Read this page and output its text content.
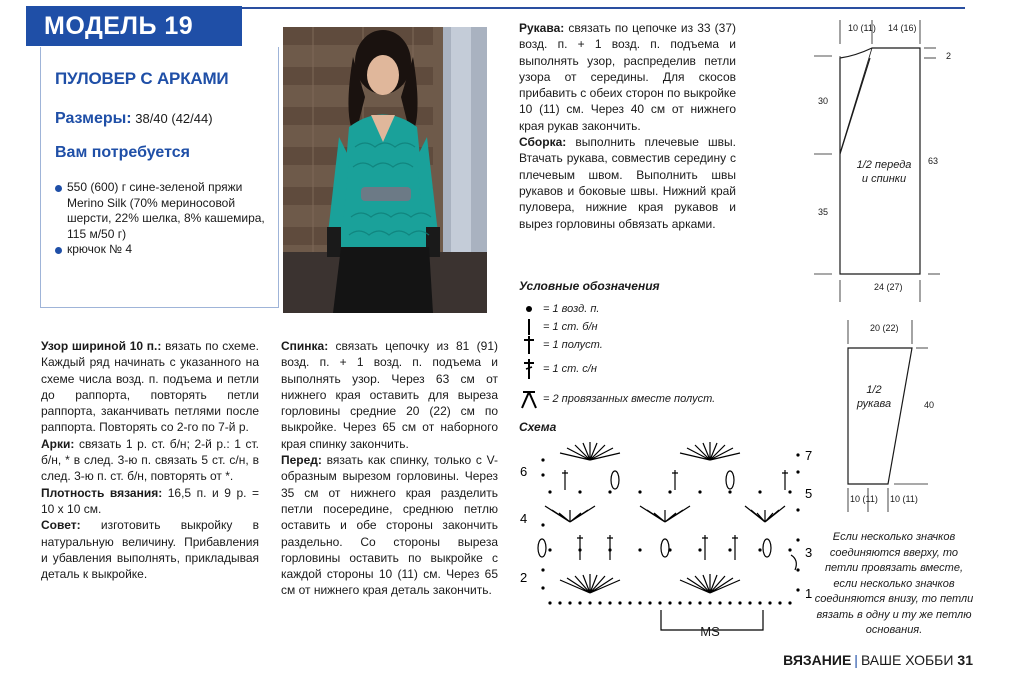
МОДЕЛЬ 19
ПУЛОВЕР С АРКАМИ
Размеры: 38/40 (42/44)
Вам потребуется
550 (600) г сине-зеленой пряжи Merino Silk (70% мериносовой шерсти, 22% шелка, 8% кашемира, 115 м/50 г)
крючок № 4

Узор шириной 10 п.: вязать по схеме. Каждый ряд начинать с указанного на схеме числа возд. п. подъема и петли до раппорта, повторять петли раппорта, заканчивать петлями после раппорта. Повторять со 2-го по 7-й р.

Арки: связать 1 р. ст. б/н; 2-й р.: 1 ст. б/н, * в след. 3-ю п. связать 5 ст. с/н, в след. 3-ю п. ст. б/н, повторять от *.

Плотность вязания: 16,5 п. и 9 р. = 10 x 10 см.

Совет: изготовить выкройку в натуральную величину. Прибавления и убавления выполнять, прикладывая деталь к выкройке.

Спинка: связать цепочку из 81 (91) возд. п. + 1 возд. п. подъема и выполнять узор. Через 63 см от нижнего края оставить для выреза горловины средние 20 (22) см по выкройке. Через 65 см от наборного края спинку закончить.

Перед: вязать как спинку, только с V-образным вырезом горловины. Через 35 см от нижнего края разделить петли посередине, среднюю петлю оставить и обе стороны закончить раздельно. Со стороны выреза горловины оставить по выкройке с каждой стороны 10 (11) см. Через 65 см от нижнего края деталь закончить.

Рукава: связать по цепочке из 33 (37) возд. п. + 1 возд. п. подъема и выполнять узор, распределив петли узора от середины. Для скосов прибавить с обеих сторон по выкройке 10 (11) см. Через 40 см от нижнего края рукав закончить.

Сборка: выполнить плечевые швы. Втачать рукава, совместив середину с плечевым швом. Выполнить швы рукавов и боковые швы. Нижний край пуловера, нижние края рукавов и вырез горловины обвязать арками.

Условные обозначения
= 1 возд. п.
= 1 ст. б/н
= 1 полуст.
= 1 ст. с/н
= 2 провязанных вместе полуст.
Схема
6
4
2
7
5
3
1
MS
10 (11) 14 (16)
2
30
35
63
1/2 переда и спинки
24 (27)
20 (22)
40
1/2 рукава
10 (11) 10 (11)
Если несколько значков соединяются вверху, то петли провязать вместе, если несколько значков соединяются внизу, то петли вязать в одну и ту же петлю основания.
ВЯЗАНИЕ | ВАШЕ ХОББИ 31
